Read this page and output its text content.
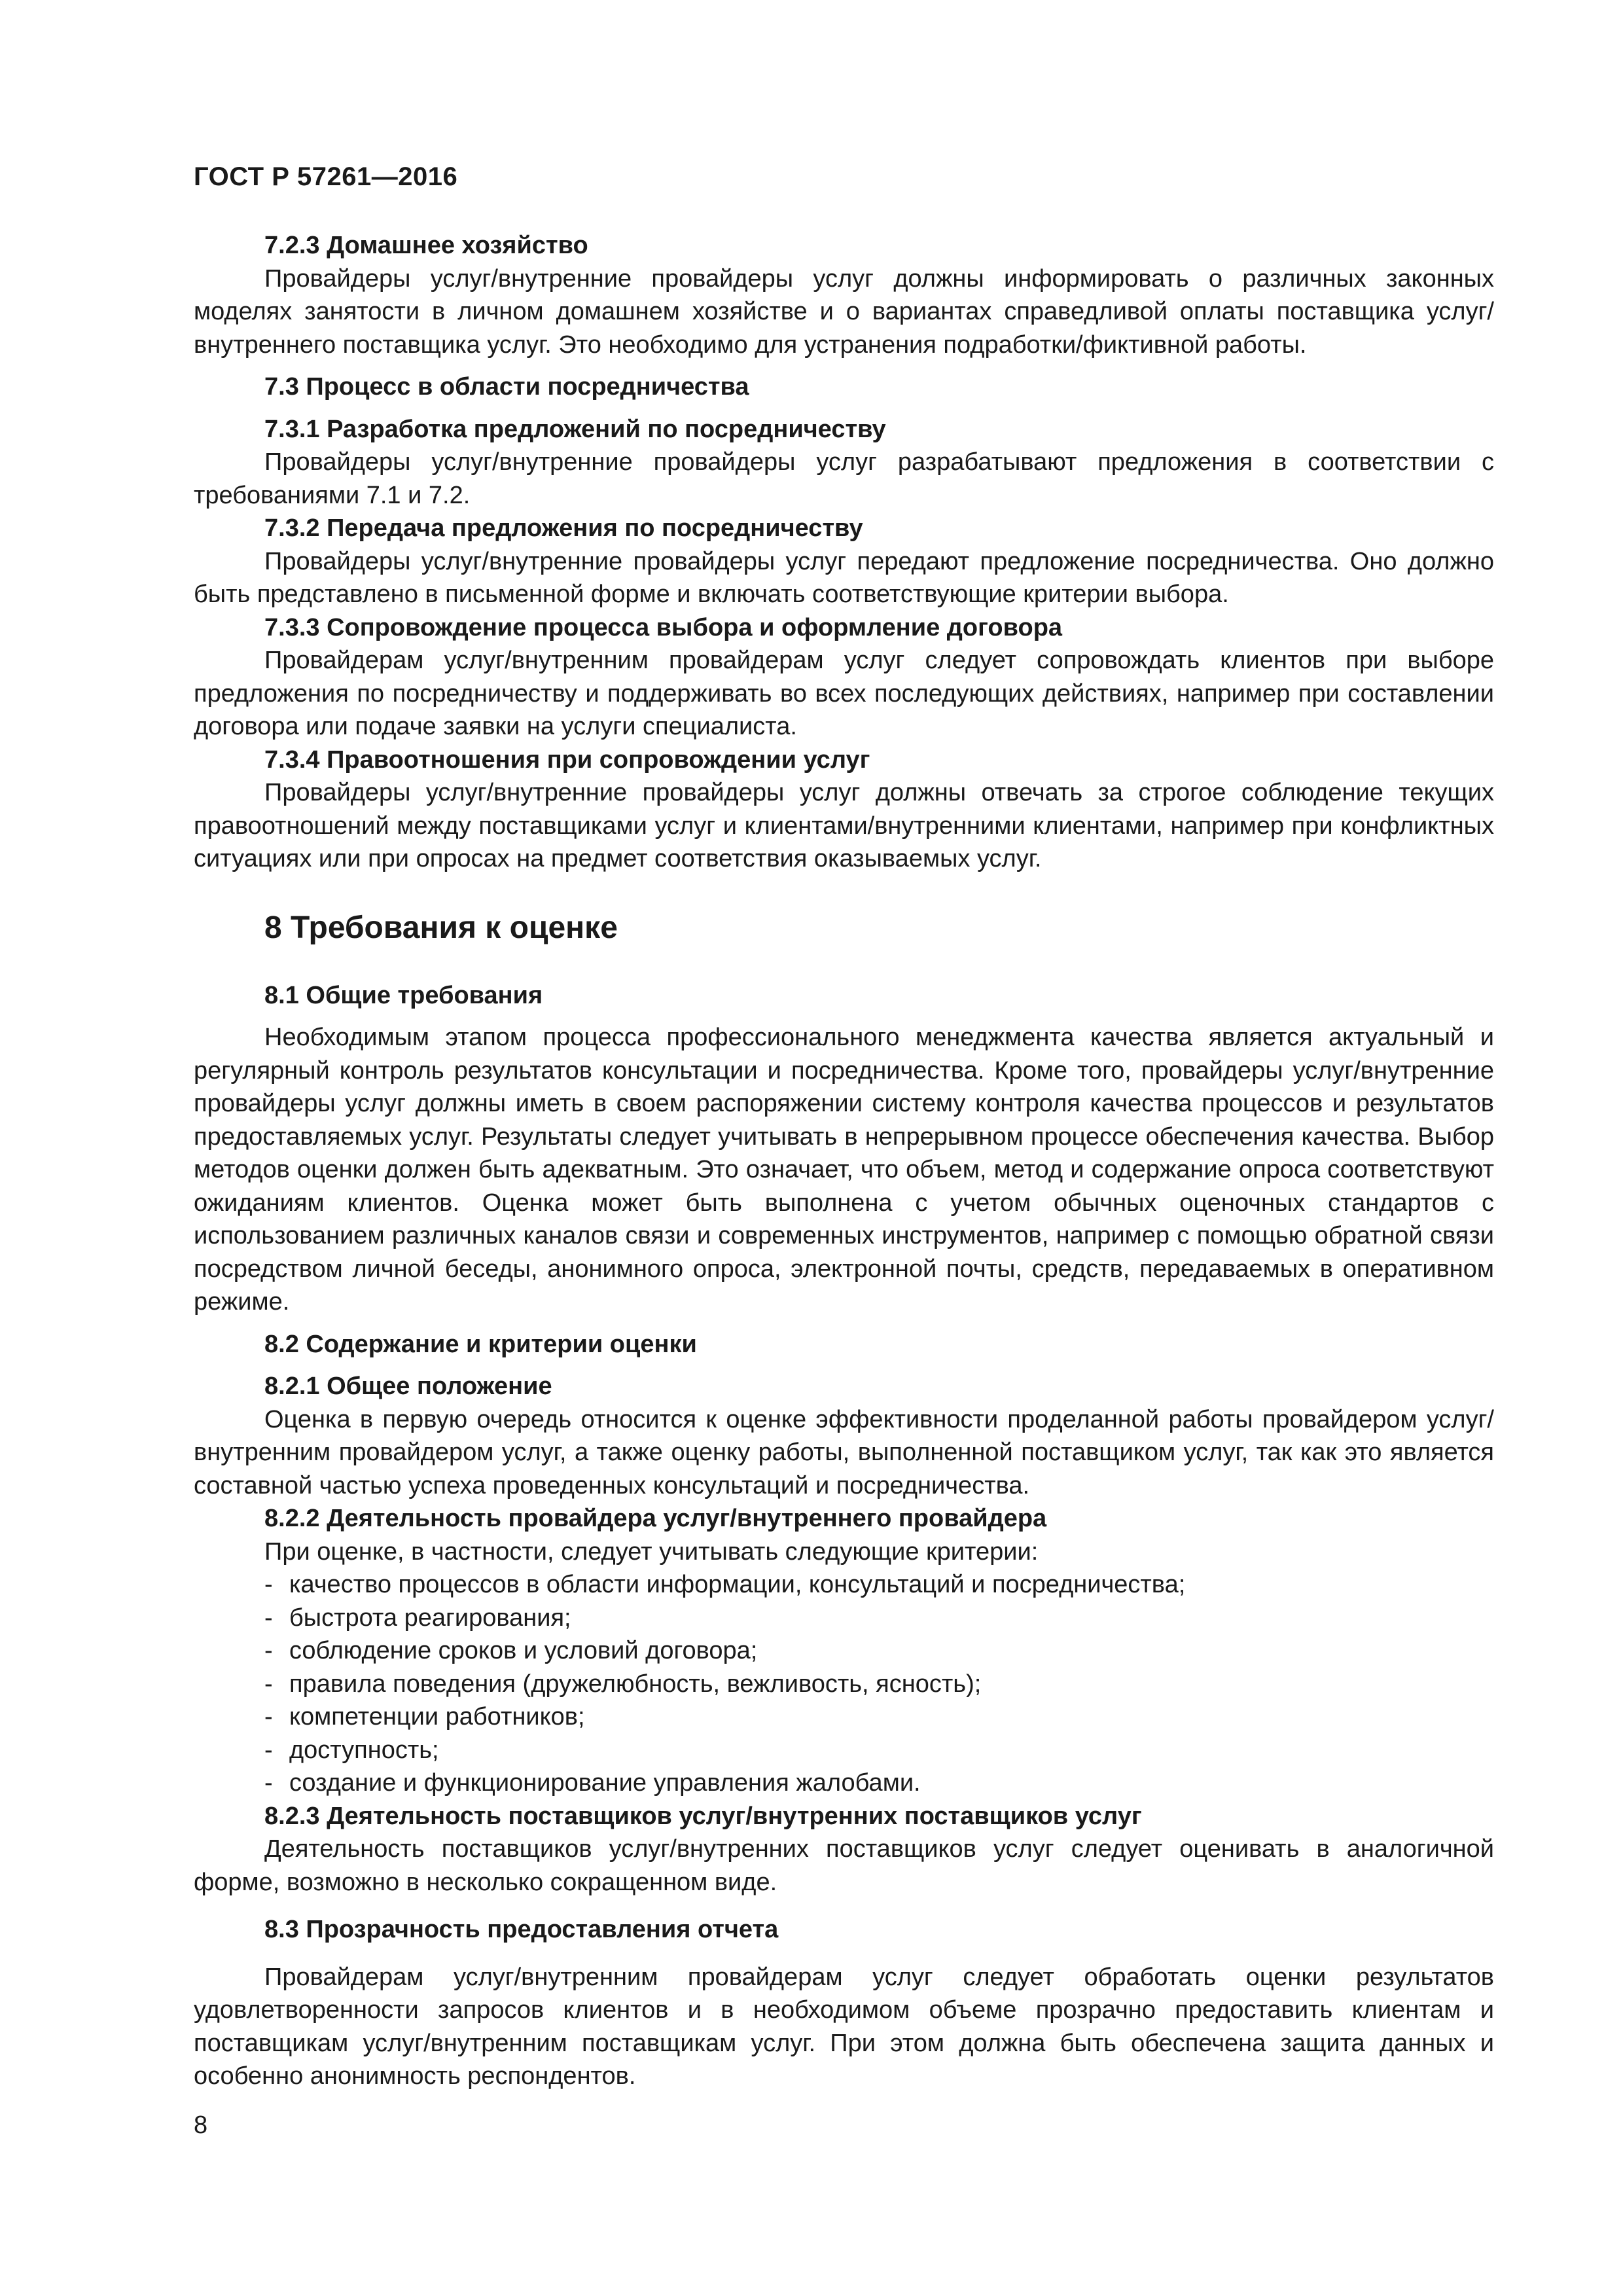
ГОСТ Р 57261—2016
7.2.3 Домашнее хозяйство

Провайдеры услуг/внутренние провайдеры услуг должны информировать о различных законных моделях занятости в личном домашнем хозяйстве и о вариантах справедливой оплаты поставщика услуг/внутреннего поставщика услуг. Это необходимо для устранения подработки/фиктивной работы.

7.3 Процесс в области посредничества
7.3.1 Разработка предложений по посредничеству

Провайдеры услуг/внутренние провайдеры услуг разрабатывают предложения в соответствии с требованиями 7.1 и 7.2.

7.3.2 Передача предложения по посредничеству

Провайдеры услуг/внутренние провайдеры услуг передают предложение посредничества. Оно должно быть представлено в письменной форме и включать соответствующие критерии выбора.

7.3.3 Сопровождение процесса выбора и оформление договора

Провайдерам услуг/внутренним провайдерам услуг следует сопровождать клиентов при выборе предложения по посредничеству и поддерживать во всех последующих действиях, например при составлении договора или подаче заявки на услуги специалиста.

7.3.4 Правоотношения при сопровождении услуг

Провайдеры услуг/внутренние провайдеры услуг должны отвечать за строгое соблюдение текущих правоотношений между поставщиками услуг и клиентами/внутренними клиентами, например при конфликтных ситуациях или при опросах на предмет соответствия оказываемых услуг.

8 Требования к оценке
8.1 Общие требования

Необходимым этапом процесса профессионального менеджмента качества является актуальный и регулярный контроль результатов консультации и посредничества. Кроме того, провайдеры услуг/внутренние провайдеры услуг должны иметь в своем распоряжении систему контроля качества процессов и результатов предоставляемых услуг. Результаты следует учитывать в непрерывном процессе обеспечения качества. Выбор методов оценки должен быть адекватным. Это означает, что объем, метод и содержание опроса соответствуют ожиданиям клиентов. Оценка может быть выполнена с учетом обычных оценочных стандартов с использованием различных каналов связи и современных инструментов, например с помощью обратной связи посредством личной беседы, анонимного опроса, электронной почты, средств, передаваемых в оперативном режиме.

8.2 Содержание и критерии оценки
8.2.1 Общее положение

Оценка в первую очередь относится к оценке эффективности проделанной работы провайдером услуг/внутренним провайдером услуг, а также оценку работы, выполненной поставщиком услуг, так как это является составной частью успеха проведенных консультаций и посредничества.

8.2.2 Деятельность провайдера услуг/внутреннего провайдера

При оценке, в частности, следует учитывать следующие критерии:

- качество процессов в области информации, консультаций и посредничества;
- быстрота реагирования;
- соблюдение сроков и условий договора;
- правила поведения (дружелюбность, вежливость, ясность);
- компетенции работников;
- доступность;
- создание и функционирование управления жалобами.
8.2.3 Деятельность поставщиков услуг/внутренних поставщиков услуг

Деятельность поставщиков услуг/внутренних поставщиков услуг следует оценивать в аналогичной форме, возможно в несколько сокращенном виде.

8.3 Прозрачность предоставления отчета

Провайдерам услуг/внутренним провайдерам услуг следует обработать оценки результатов удовлетворенности запросов клиентов и в необходимом объеме прозрачно предоставить клиентам и поставщикам услуг/внутренним поставщикам услуг. При этом должна быть обеспечена защита данных и особенно анонимность респондентов.

8
